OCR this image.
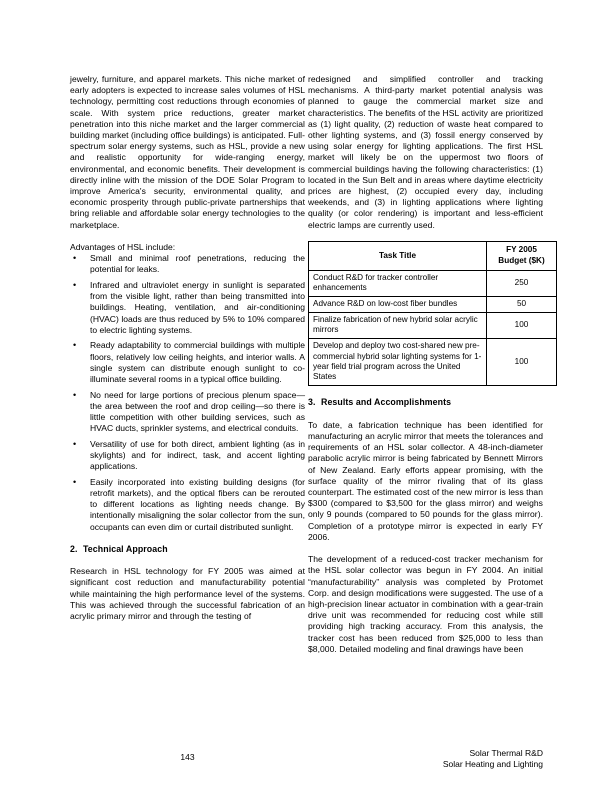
jewelry, furniture, and apparel markets. This niche market of early adopters is expected to increase sales volumes of HSL technology, permitting cost reductions through economies of scale. With system price reductions, greater market penetration into this niche market and the larger commercial building market (including office buildings) is anticipated. Full-spectrum solar energy systems, such as HSL, provide a new and realistic opportunity for wide-ranging energy, environmental, and economic benefits. Their development is directly inline with the mission of the DOE Solar Program to improve America's security, environmental quality, and economic prosperity through public-private partnerships that bring reliable and affordable solar energy technologies to the marketplace.

Advantages of HSL include:

• Small and minimal roof penetrations, reducing the potential for leaks.
• Infrared and ultraviolet energy in sunlight is separated from the visible light, rather than being transmitted into buildings. Heating, ventilation, and air-conditioning (HVAC) loads are thus reduced by 5% to 10% compared to electric lighting systems.
• Ready adaptability to commercial buildings with multiple floors, relatively low ceiling heights, and interior walls. A single system can distribute enough sunlight to co-illuminate several rooms in a typical office building.
• No need for large portions of precious plenum space—the area between the roof and drop ceiling—so there is little competition with other building services, such as HVAC ducts, sprinkler systems, and electrical conduits.
• Versatility of use for both direct, ambient lighting (as in skylights) and for indirect, task, and accent lighting applications.
• Easily incorporated into existing building designs (for retrofit markets), and the optical fibers can be rerouted to different locations as lighting needs change. By intentionally misaligning the solar collector from the sun, occupants can even dim or curtail distributed sunlight.
2. Technical Approach

Research in HSL technology for FY 2005 was aimed at significant cost reduction and manufacturability potential while maintaining the high performance level of the systems. This was achieved through the successful fabrication of an acrylic primary mirror and through the testing of

redesigned and simplified controller and tracking mechanisms. A third-party market potential analysis was planned to gauge the commercial market size and characteristics. The benefits of the HSL activity are prioritized as (1) light quality, (2) reduction of waste heat compared to other lighting systems, and (3) fossil energy conserved by using solar energy for lighting applications. The first HSL market will likely be on the uppermost two floors of commercial buildings having the following characteristics: (1) located in the Sun Belt and in areas where daytime electricity prices are highest, (2) occupied every day, including weekends, and (3) in lighting applications where lighting quality (or color rendering) is important and less-efficient electric lamps are currently used.

Task Title	FY 2005
Budget ($K)
Conduct R&D for tracker controller enhancements	250
Advance R&D on low-cost fiber bundles	50
Finalize fabrication of new hybrid solar acrylic mirrors	100
Develop and deploy two cost-shared new pre-commercial hybrid solar lighting systems for 1-year field trial program across the United States	100
3. Results and Accomplishments

To date, a fabrication technique has been identified for manufacturing an acrylic mirror that meets the tolerances and requirements of an HSL solar collector. A 48-inch-diameter parabolic acrylic mirror is being fabricated by Bennett Mirrors of New Zealand. Early efforts appear promising, with the surface quality of the mirror rivaling that of its glass counterpart. The estimated cost of the new mirror is less than $300 (compared to $3,500 for the glass mirror) and weighs only 9 pounds (compared to 50 pounds for the glass mirror). Completion of a prototype mirror is expected in early FY 2006.

The development of a reduced-cost tracker mechanism for the HSL solar collector was begun in FY 2004. An initial “manufacturability” analysis was completed by Protomet Corp. and design modifications were suggested. The use of a high-precision linear actuator in combination with a gear-train drive unit was recommended for reducing cost while still providing high tracking accuracy. From this analysis, the tracker cost has been reduced from $25,000 to less than $8,000. Detailed modeling and final drawings have been

143	Solar Thermal R&D
Solar Heating and Lighting
